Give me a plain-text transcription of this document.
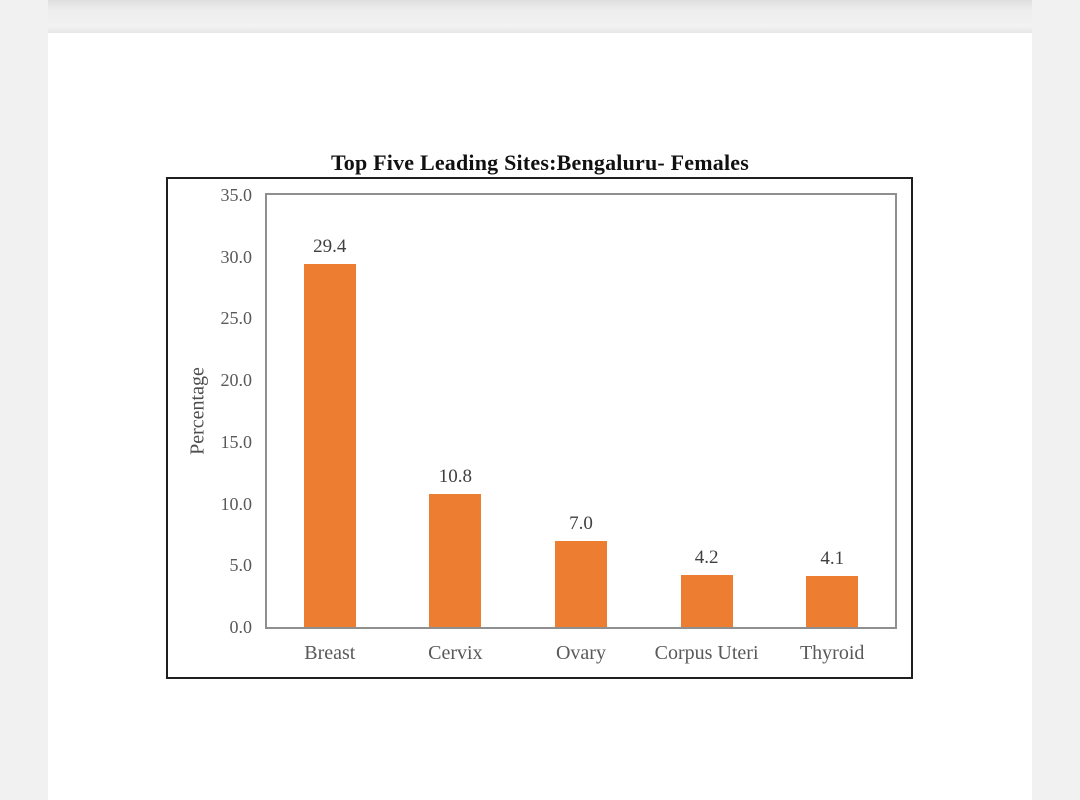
Top Five Leading Sites:Bengaluru- Females
Percentage
35.0
30.0
25.0
20.0
15.0
10.0
5.0
0.0
29.4
Breast
10.8
Cervix
7.0
Ovary
4.2
Corpus Uteri
4.1
Thyroid
